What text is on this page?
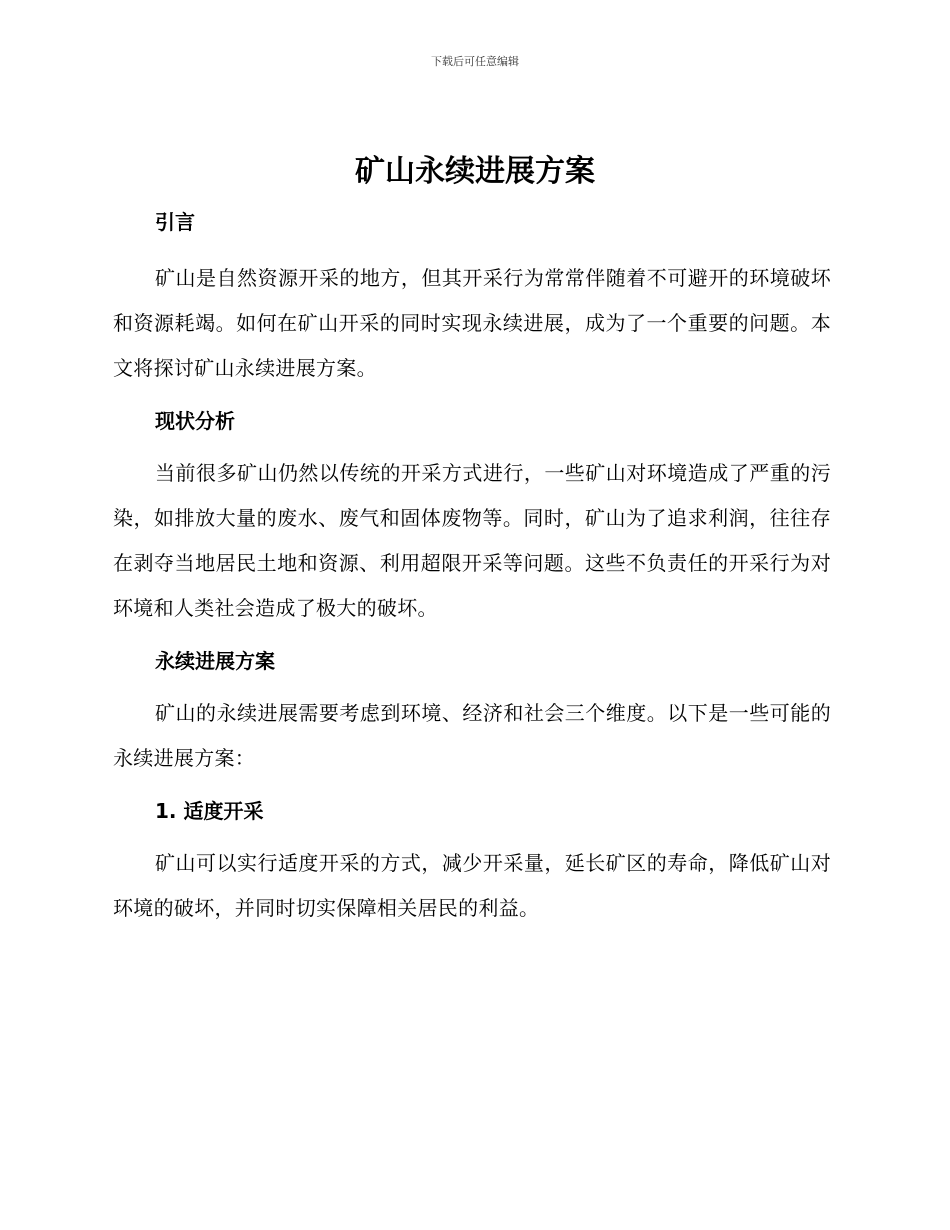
下载后可任意编辑
矿山永续进展方案
引言

矿山是自然资源开采的地方，但其开采行为常常伴随着不可避开的环境破坏和资源耗竭。如何在矿山开采的同时实现永续进展，成为了一个重要的问题。本文将探讨矿山永续进展方案。

现状分析

当前很多矿山仍然以传统的开采方式进行，一些矿山对环境造成了严重的污染，如排放大量的废水、废气和固体废物等。同时，矿山为了追求利润，往往存在剥夺当地居民土地和资源、利用超限开采等问题。这些不负责任的开采行为对环境和人类社会造成了极大的破坏。

永续进展方案

矿山的永续进展需要考虑到环境、经济和社会三个维度。以下是一些可能的永续进展方案：

1. 适度开采

矿山可以实行适度开采的方式，减少开采量，延长矿区的寿命，降低矿山对环境的破坏，并同时切实保障相关居民的利益。
